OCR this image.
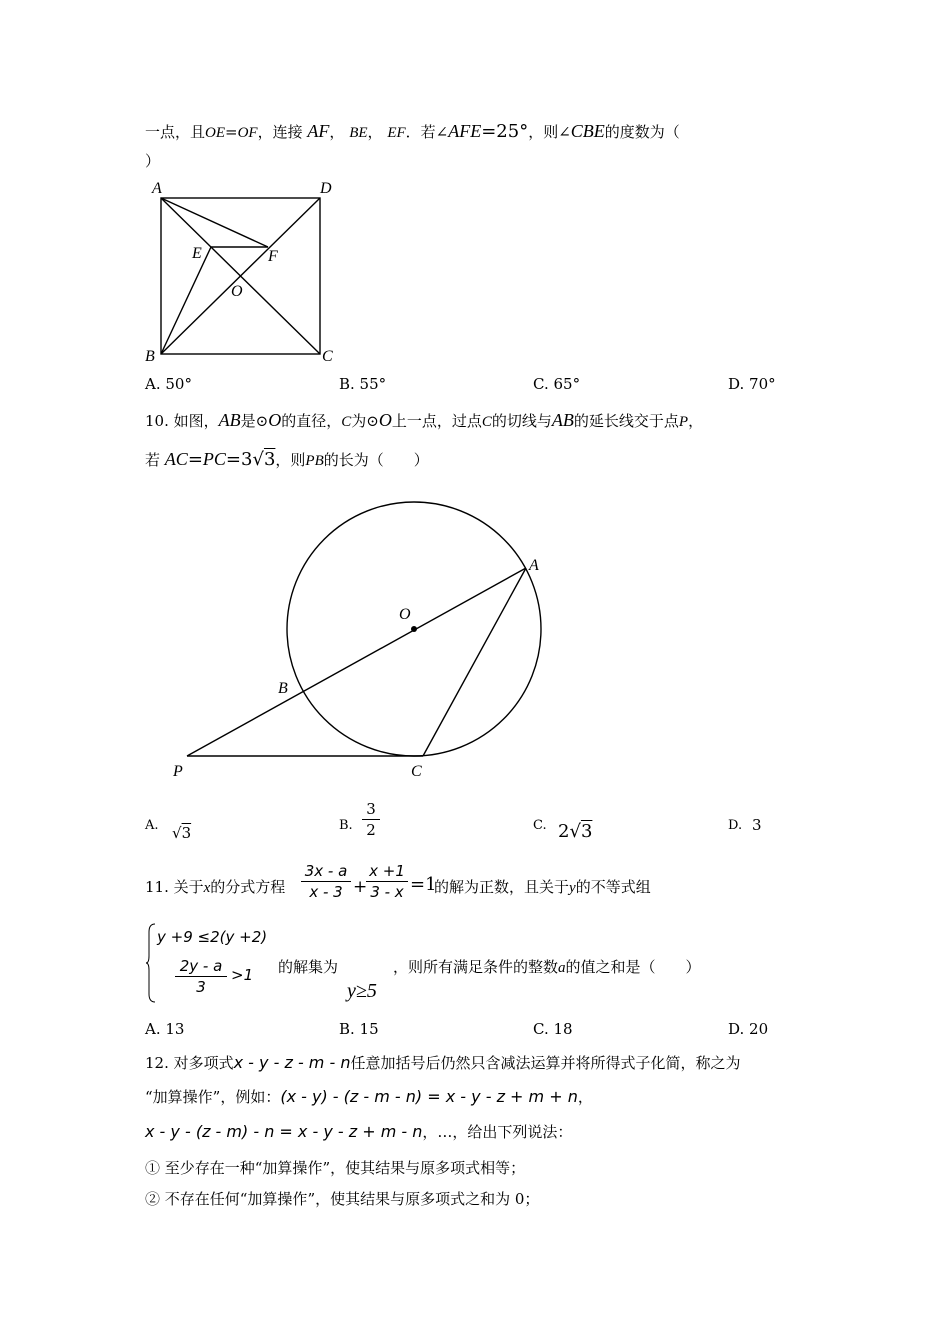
一点，且OE=OF，连接 AF， BE， EF．若∠AFE=25°，则∠CBE的度数为（
）
A	D
E	F
O
B	C
A. 50°	B. 55°	C. 65°	D. 70°
10. 如图，AB是⊙O的直径，C为⊙O上一点，过点C的切线与AB的延长线交于点P，
若 AC=PC=3√3，则PB的长为（　　 ）
A
O
B
P	C
A. √3	B.
3
2	C. 2√3	D. 3
11. 关于x的分式方程
3x - a
x - 3 +
x +1
3 - x =1
的解为正数，且关于y的不等式组
y +9 ≤2(y +2)
2y - a
3
>1 的解集为
y≥5
，则所有满足条件的整数a的值之和是（　　 ）
A. 13	B. 15	C. 18	D. 20
12. 对多项式x - y - z - m - n任意加括号后仍然只含减法运算并将所得式子化简，称之为
“加算操作”，例如：(x - y) - (z - m - n) = x - y - z + m + n，
x - y - (z - m) - n = x - y - z + m - n，…，给出下列说法：
① 至少存在一种“加算操作”，使其结果与原多项式相等；
② 不存在任何“加算操作”，使其结果与原多项式之和为 0；
